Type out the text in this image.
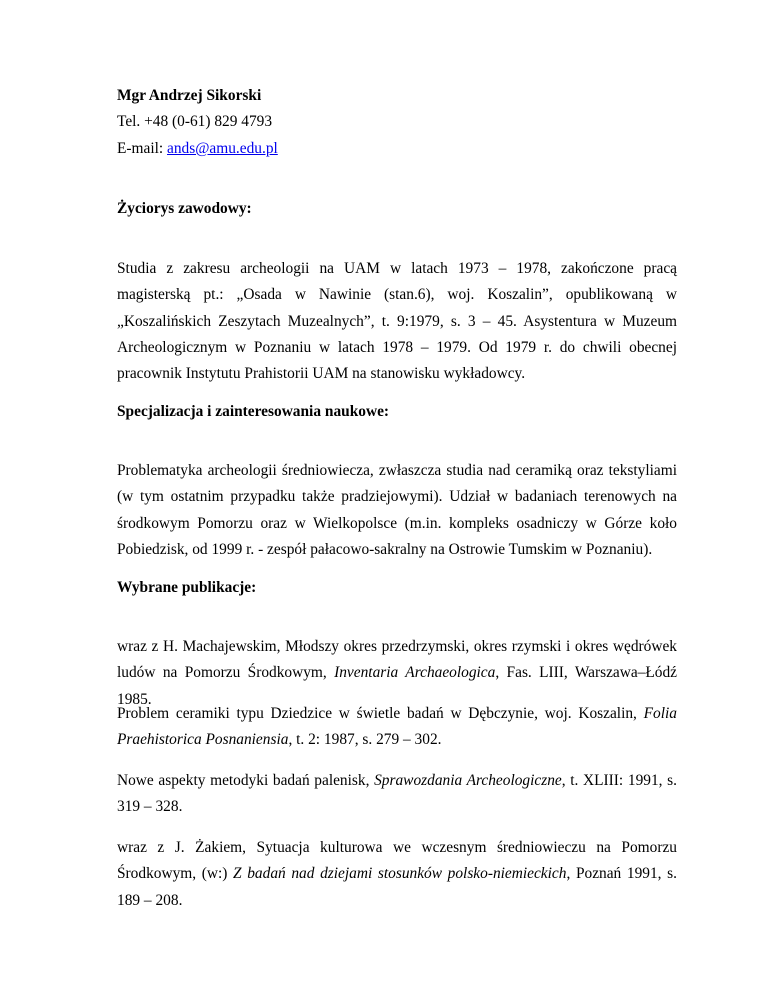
Mgr Andrzej Sikorski
Tel. +48 (0-61) 829 4793
E-mail: ands@amu.edu.pl
Życiorys zawodowy:
Studia z zakresu archeologii na UAM w latach 1973 – 1978, zakończone pracą magisterską pt.: „Osada w Nawinie (stan.6), woj. Koszalin”, opublikowaną w „Koszalińskich Zeszytach Muzealnych”, t. 9:1979, s. 3 – 45. Asystentura w Muzeum Archeologicznym w Poznaniu w latach 1978 – 1979. Od 1979 r. do chwili obecnej pracownik Instytutu Prahistorii UAM na stanowisku wykładowcy.
Specjalizacja i zainteresowania naukowe:
Problematyka archeologii średniowiecza, zwłaszcza studia nad ceramiką oraz tekstyliami (w tym ostatnim przypadku także pradziejowymi). Udział w badaniach terenowych na środkowym Pomorzu oraz w Wielkopolsce (m.in. kompleks osadniczy w Górze koło Pobiedzisk, od 1999 r. - zespół pałacowo-sakralny na Ostrowie Tumskim w Poznaniu).
Wybrane publikacje:
wraz z H. Machajewskim, Młodszy okres przedrzymski, okres rzymski i okres wędrówek ludów na Pomorzu Środkowym, Inventaria Archaeologica, Fas. LIII, Warszawa–Łódź 1985.
Problem ceramiki typu Dziedzice w świetle badań w Dębczynie, woj. Koszalin, Folia Praehistorica Posnaniensia, t. 2: 1987, s. 279 – 302.
Nowe aspekty metodyki badań palenisk, Sprawozdania Archeologiczne, t. XLIII: 1991, s. 319 – 328.
wraz z J. Żakiem, Sytuacja kulturowa we wczesnym średniowieczu na Pomorzu Środkowym, (w:) Z badań nad dziejami stosunków polsko-niemieckich, Poznań 1991, s. 189 – 208.
